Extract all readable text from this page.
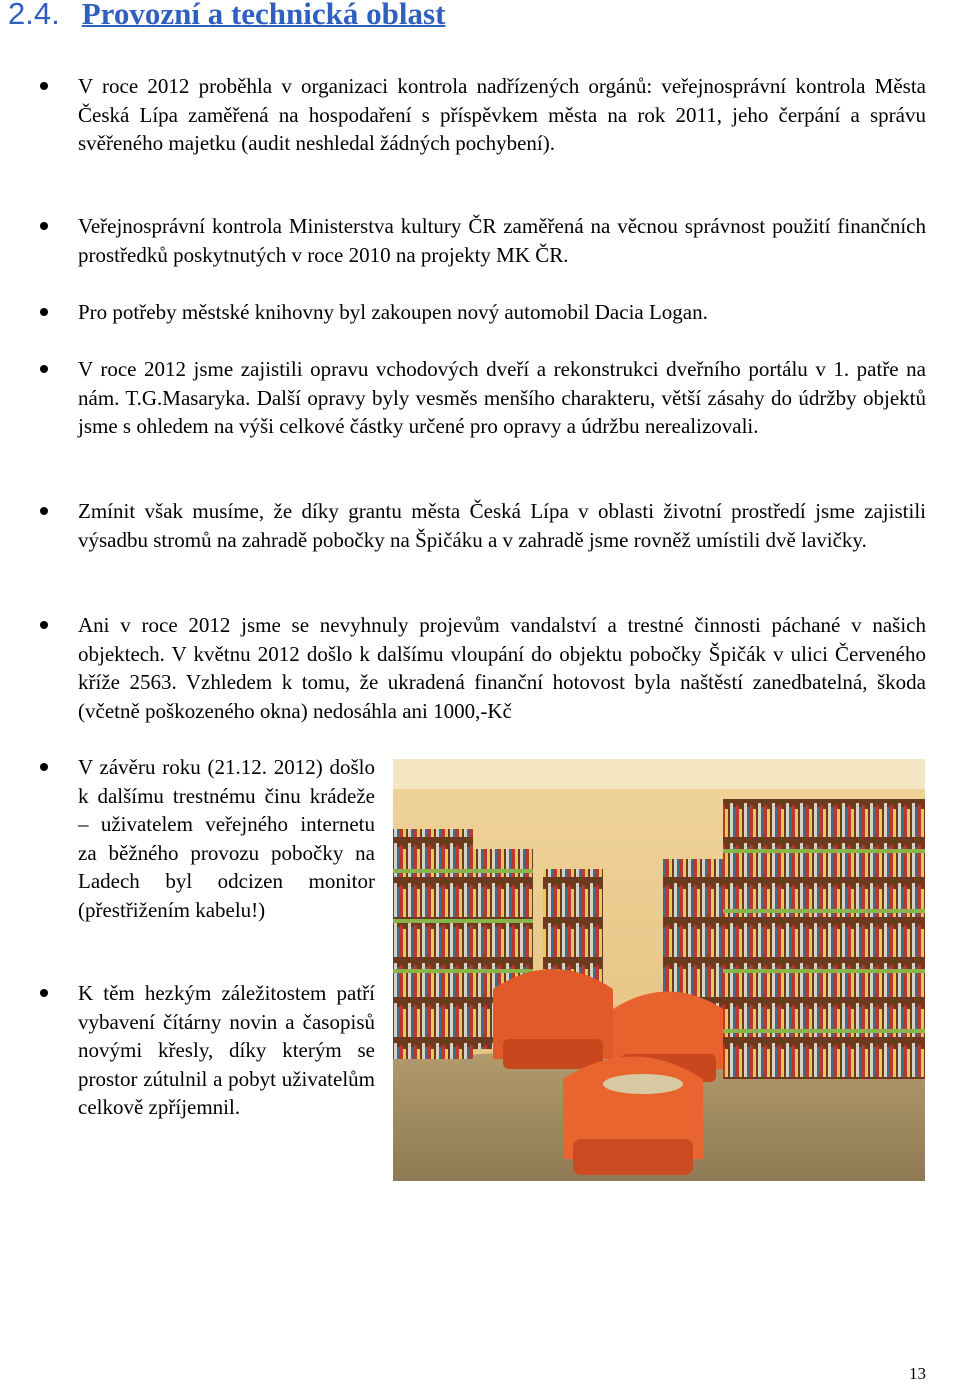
2.4. Provozní a technická oblast
V roce 2012 proběhla v organizaci kontrola nadřízených orgánů: veřejnosprávní kontrola Města Česká Lípa zaměřená na hospodaření s příspěvkem města na rok 2011, jeho čerpání a správu svěřeného majetku (audit neshledal žádných pochybení).
Veřejnosprávní kontrola Ministerstva kultury ČR zaměřená na věcnou správnost použití finančních prostředků poskytnutých v roce 2010 na projekty MK ČR.
Pro potřeby městské knihovny byl zakoupen nový automobil Dacia Logan.
V roce 2012 jsme zajistili opravu vchodových dveří a rekonstrukci dveřního portálu v 1. patře na nám. T.G.Masaryka. Další opravy byly vesměs menšího charakteru, větší zásahy do údržby objektů jsme s ohledem na výši celkové částky určené pro opravy a údržbu nerealizovali.
Zmínit však musíme, že díky grantu města Česká Lípa v oblasti životní prostředí jsme zajistili výsadbu stromů na zahradě pobočky na Špičáku a v zahradě jsme rovněž umístili dvě lavičky.
Ani v roce 2012 jsme se nevyhnuly projevům vandalství a trestné činnosti páchané v našich objektech. V květnu 2012 došlo k dalšímu vloupání do objektu pobočky Špičák v ulici Červeného kříže 2563. Vzhledem k tomu, že ukradená finanční hotovost byla naštěstí zanedbatelná, škoda (včetně poškozeného okna) nedosáhla ani 1000,-Kč
V závěru roku (21.12. 2012) došlo k dalšímu trestnému činu krádeže – uživatelem veřejného internetu za běžného provozu pobočky na Ladech byl odcizen monitor (přestřižením kabelu!)
K těm hezkým záležitostem patří vybavení čítárny novin a časopisů novými křesly, díky kterým se prostor zútulnil a pobyt uživatelům celkově zpříjemnil.
13
